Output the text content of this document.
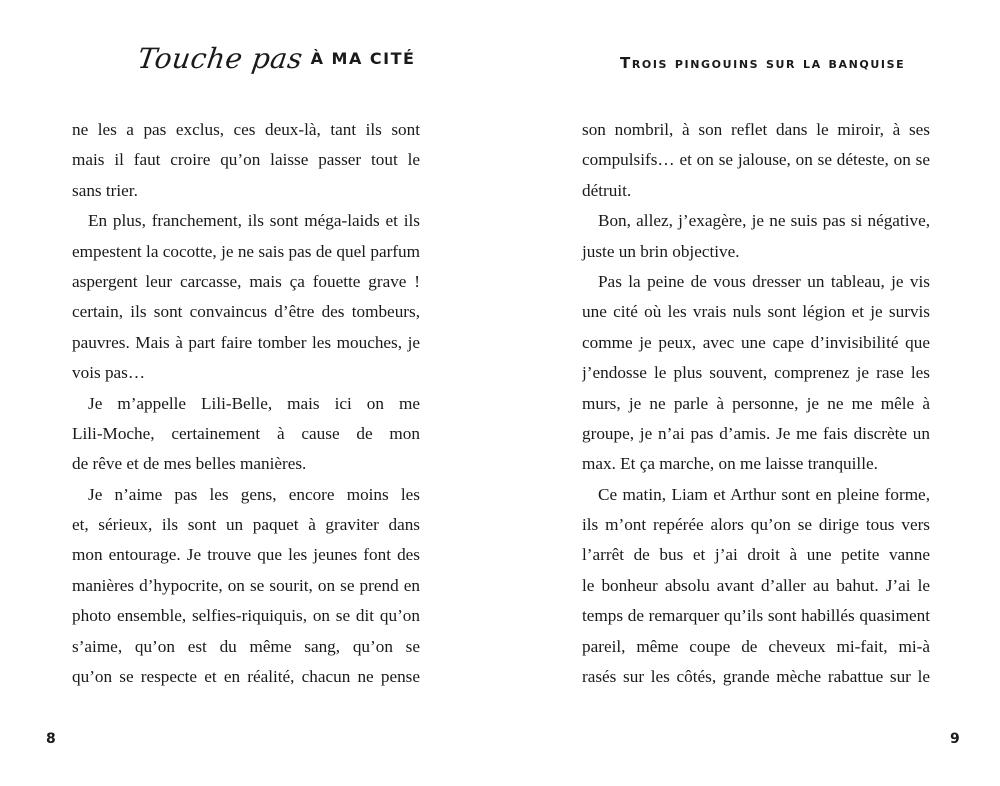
Touche pas À MA CITÉ
ne les a pas exclus, ces deux-là, tant ils sont
mais il faut croire qu’on laisse passer tout le
sans trier.
En plus, franchement, ils sont méga-laids et ils
empestent la cocotte, je ne sais pas de quel parfum
aspergent leur carcasse, mais ça fouette grave !
certain, ils sont convaincus d’être des tombeurs,
pauvres. Mais à part faire tomber les mouches, je
vois pas…
Je m’appelle Lili-Belle, mais ici on me
Lili-Moche, certainement à cause de mon
de rêve et de mes belles manières.
Je n’aime pas les gens, encore moins les
et, sérieux, ils sont un paquet à graviter dans
mon entourage. Je trouve que les jeunes font des
manières d’hypocrite, on se sourit, on se prend en
photo ensemble, selfies-riquiquis, on se dit qu’on
s’aime, qu’on est du même sang, qu’on se
qu’on se respecte et en réalité, chacun ne pense
8
Trois pingouins sur la banquise
son nombril, à son reflet dans le miroir, à ses
compulsifs… et on se jalouse, on se déteste, on se
détruit.
Bon, allez, j’exagère, je ne suis pas si négative,
juste un brin objective.
Pas la peine de vous dresser un tableau, je vis
une cité où les vrais nuls sont légion et je survis
comme je peux, avec une cape d’invisibilité que
j’endosse le plus souvent, comprenez je rase les
murs, je ne parle à personne, je ne me mêle à
groupe, je n’ai pas d’amis. Je me fais discrète un
max. Et ça marche, on me laisse tranquille.
Ce matin, Liam et Arthur sont en pleine forme,
ils m’ont repérée alors qu’on se dirige tous vers
l’arrêt de bus et j’ai droit à une petite vanne
le bonheur absolu avant d’aller au bahut. J’ai le
temps de remarquer qu’ils sont habillés quasiment
pareil, même coupe de cheveux mi-fait, mi-à
rasés sur les côtés, grande mèche rabattue sur le
9
